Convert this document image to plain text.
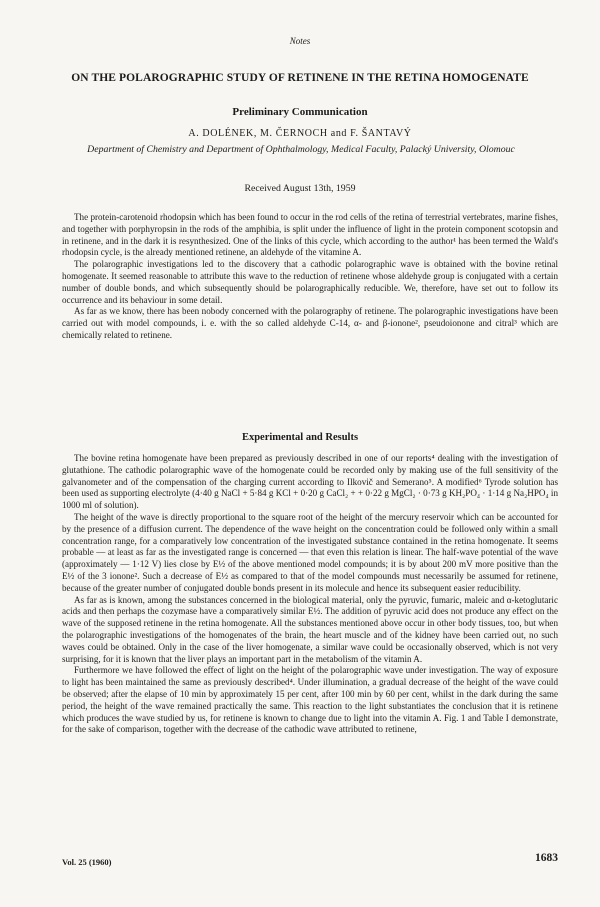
Notes
ON THE POLAROGRAPHIC STUDY OF RETINENE IN THE RETINA HOMOGENATE
Preliminary Communication
A. DOLÉNEK, M. ČERNOCH and F. ŠANTAVÝ
Department of Chemistry and Department of Ophthalmology, Medical Faculty, Palacký University, Olomouc
Received August 13th, 1959

The protein-carotenoid rhodopsin which has been found to occur in the rod cells of the retina of terrestrial vertebrates, marine fishes, and together with porphyropsin in the rods of the amphibia, is split under the influence of light in the protein component scotopsin and in retinene, and in the dark it is resynthesized. One of the links of this cycle, which according to the author¹ has been termed the Wald's rhodopsin cycle, is the already mentioned retinene, an aldehyde of the vitamine A.

The polarographic investigations led to the discovery that a cathodic polarographic wave is obtained with the bovine retinal homogenate. It seemed reasonable to attribute this wave to the reduction of retinene whose aldehyde group is conjugated with a certain number of double bonds, and which subsequently should be polarographically reducible. We, therefore, have set out to follow its occurrence and its behaviour in some detail.

As far as we know, there has been nobody concerned with the polarography of retinene. The polarographic investigations have been carried out with model compounds, i. e. with the so called aldehyde C-14, α- and β-ionone², pseudoionone and citral³ which are chemically related to retinene.

Experimental and Results

The bovine retina homogenate have been prepared as previously described in one of our reports⁴ dealing with the investigation of glutathione. The cathodic polarographic wave of the homogenate could be recorded only by making use of the full sensitivity of the galvanometer and of the compensation of the charging current according to Ilkovič and Semerano⁵. A modified⁶ Tyrode solution has been used as supporting electrolyte (4·40 g NaCl + 5·84 g KCl + 0·20 g CaCl₂ + + 0·22 g MgCl₂ · 0·73 g KH₂PO₄ · 1·14 g Na₂HPO₄ in 1000 ml of solution).

The height of the wave is directly proportional to the square root of the height of the mercury reservoir which can be accounted for by the presence of a diffusion current. The dependence of the wave height on the concentration could be followed only within a small concentration range, for a comparatively low concentration of the investigated substance contained in the retina homogenate. It seems probable — at least as far as the investigated range is concerned — that even this relation is linear. The half-wave potential of the wave (approximately — 1·12 V) lies close by E½ of the above mentioned model compounds; it is by about 200 mV more positive than the E½ of the 3 ionone². Such a decrease of E½ as compared to that of the model compounds must necessarily be assumed for retinene, because of the greater number of conjugated double bonds present in its molecule and hence its subsequent easier reducibility.

As far as is known, among the substances concerned in the biological material, only the pyruvic, fumaric, maleic and α-ketoglutaric acids and then perhaps the cozymase have a comparatively similar E½. The addition of pyruvic acid does not produce any effect on the wave of the supposed retinene in the retina homogenate. All the substances mentioned above occur in other body tissues, too, but when the polarographic investigations of the homogenates of the brain, the heart muscle and of the kidney have been carried out, no such waves could be obtained. Only in the case of the liver homogenate, a similar wave could be occasionally observed, which is not very surprising, for it is known that the liver plays an important part in the metabolism of the vitamin A.

Furthermore we have followed the effect of light on the height of the polarographic wave under investigation. The way of exposure to light has been maintained the same as previously described⁴. Under illumination, a gradual decrease of the height of the wave could be observed; after the elapse of 10 min by approximately 15 per cent, after 100 min by 60 per cent, whilst in the dark during the same period, the height of the wave remained practically the same. This reaction to the light substantiates the conclusion that it is retinene which produces the wave studied by us, for retinene is known to change due to light into the vitamin A. Fig. 1 and Table I demonstrate, for the sake of comparison, together with the decrease of the cathodic wave attributed to retinene,

Vol. 25 (1960)	1683
